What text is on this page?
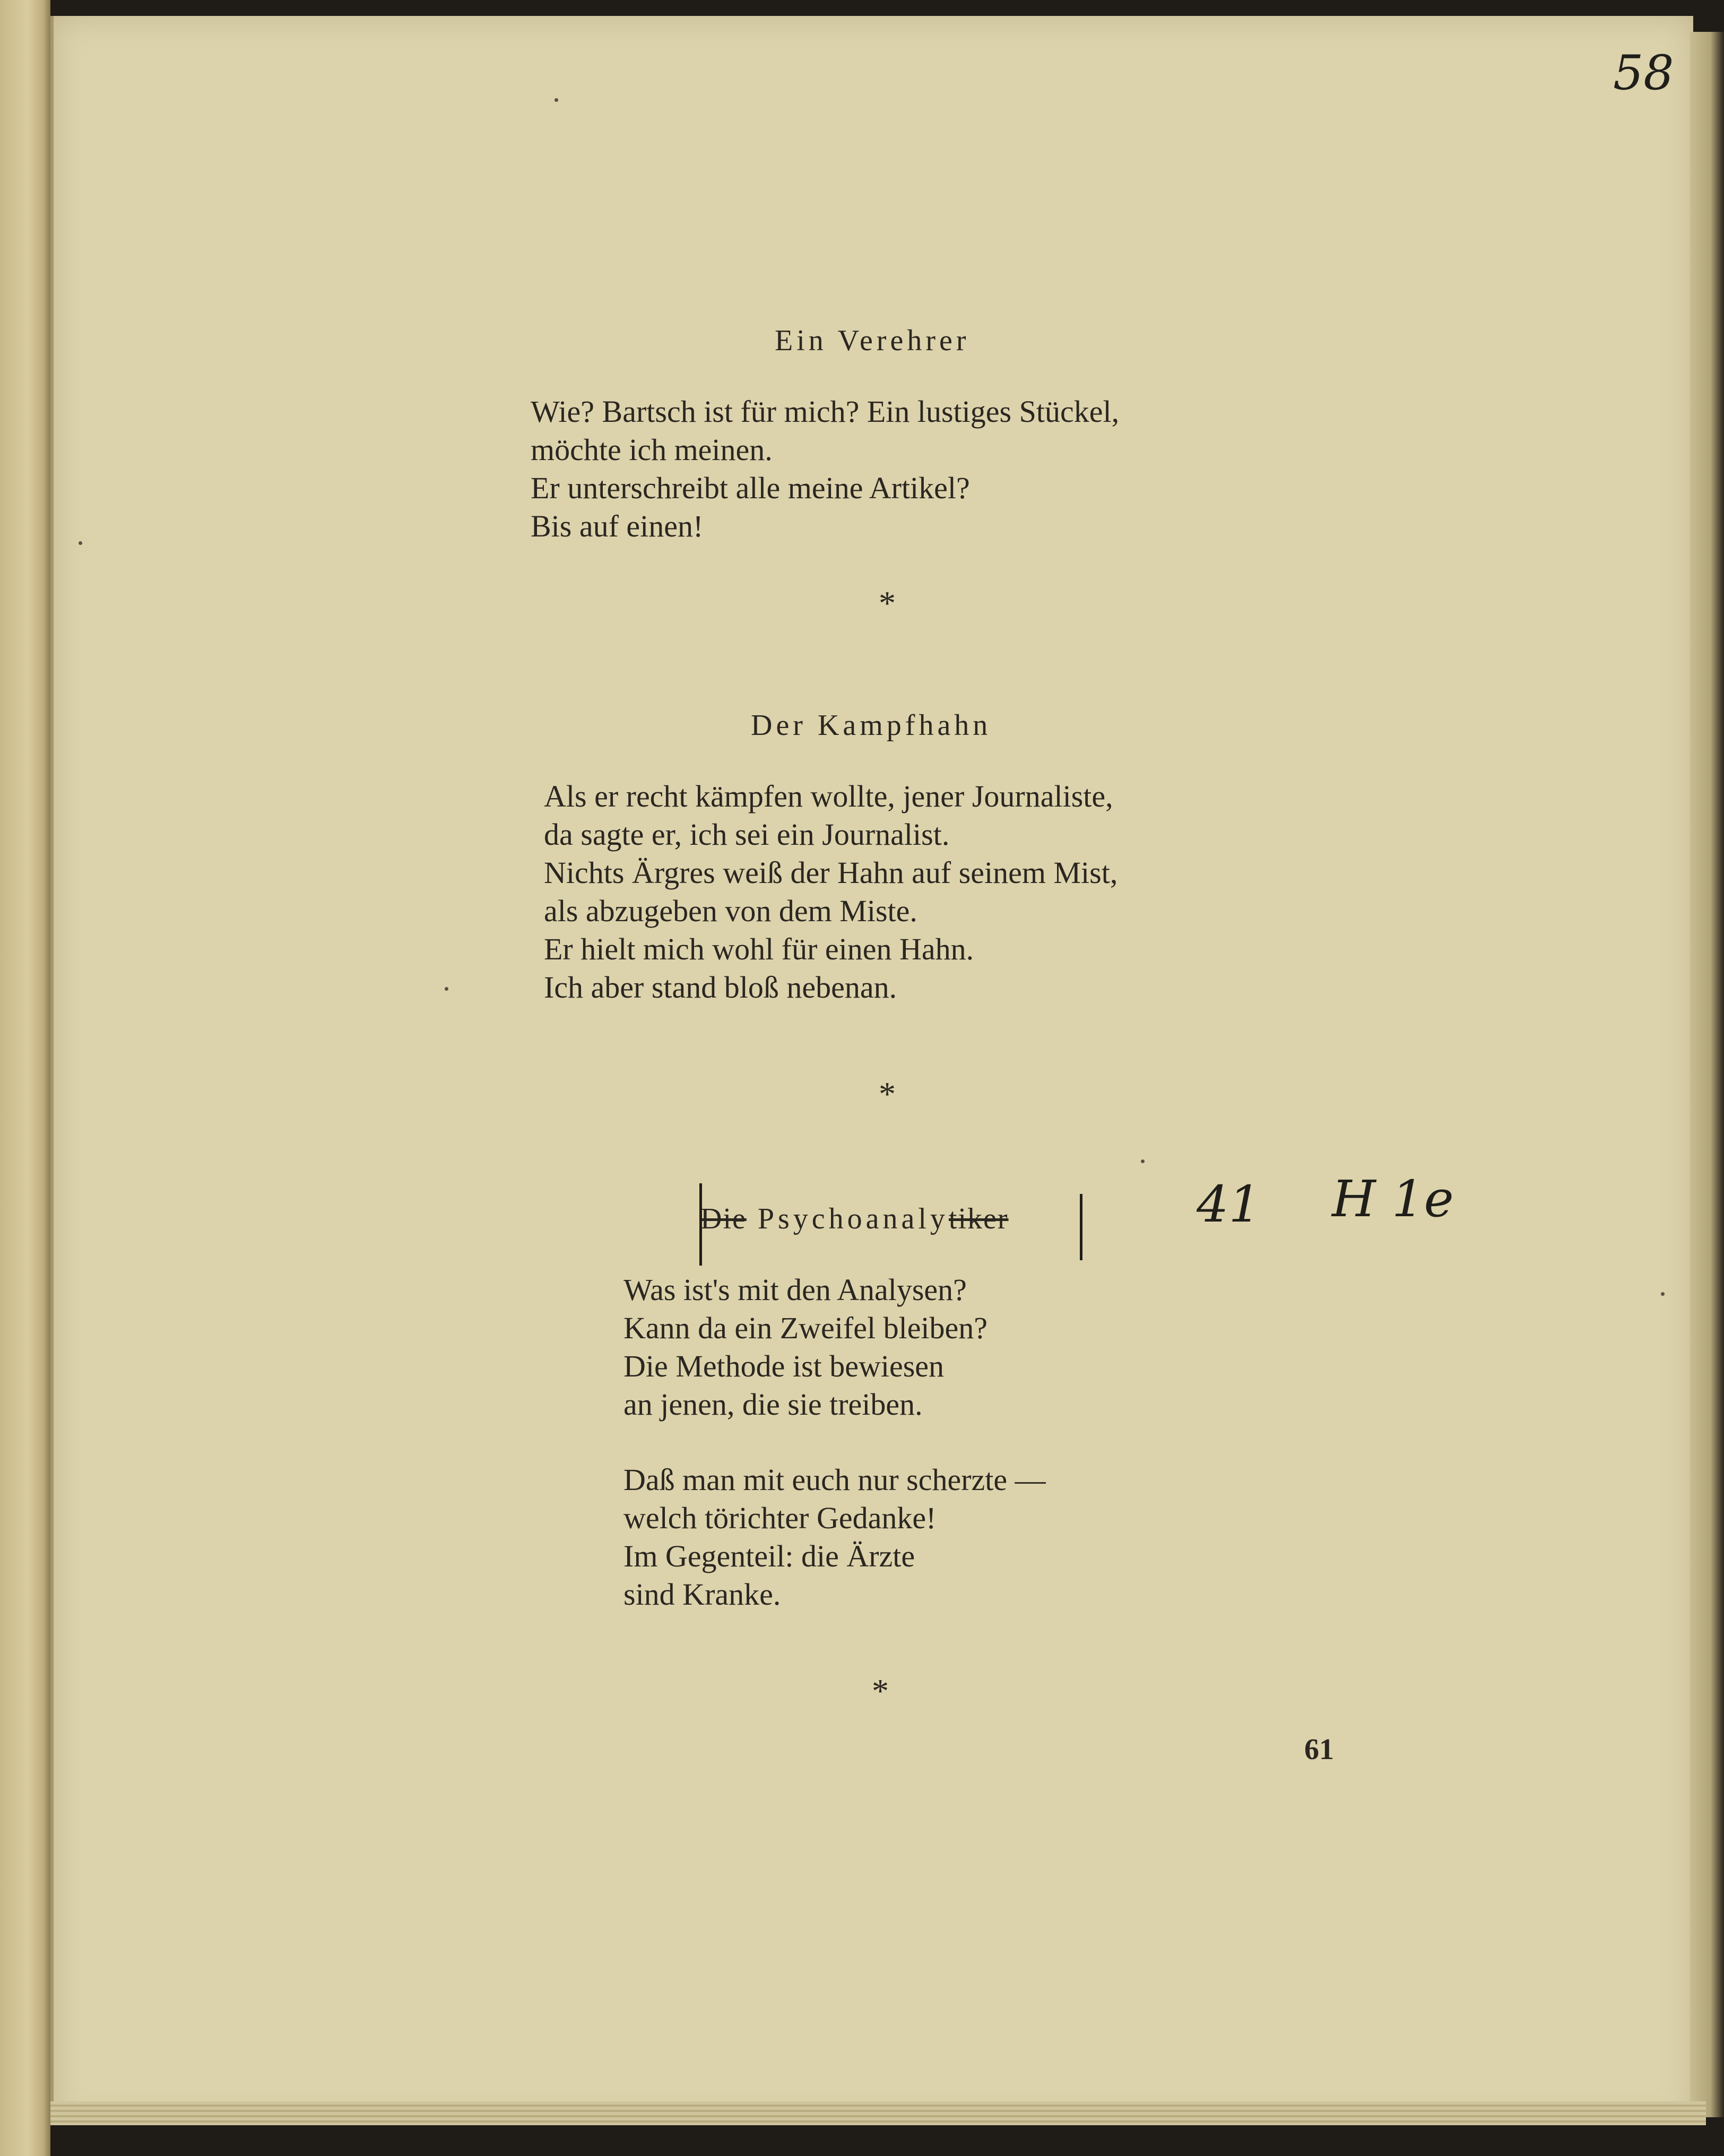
58
Ein Verehrer
Wie? Bartsch ist für mich? Ein lustiges Stückel,
möchte ich meinen.
Er unterschreibt alle meine Artikel?
Bis auf einen!
*
Der Kampfhahn
Als er recht kämpfen wollte, jener Journaliste,
da sagte er, ich sei ein Journalist.
Nichts Ärgres weiß der Hahn auf seinem Mist,
als abzugeben von dem Miste.
Er hielt mich wohl für einen Hahn.
Ich aber stand bloß nebenan.
*
Die Psychoanalytiker	41 H 1e
Was ist's mit den Analysen?
Kann da ein Zweifel bleiben?
Die Methode ist bewiesen
an jenen, die sie treiben.
Daß man mit euch nur scherzte —
welch törichter Gedanke!
Im Gegenteil: die Ärzte
sind Kranke.
*
61
